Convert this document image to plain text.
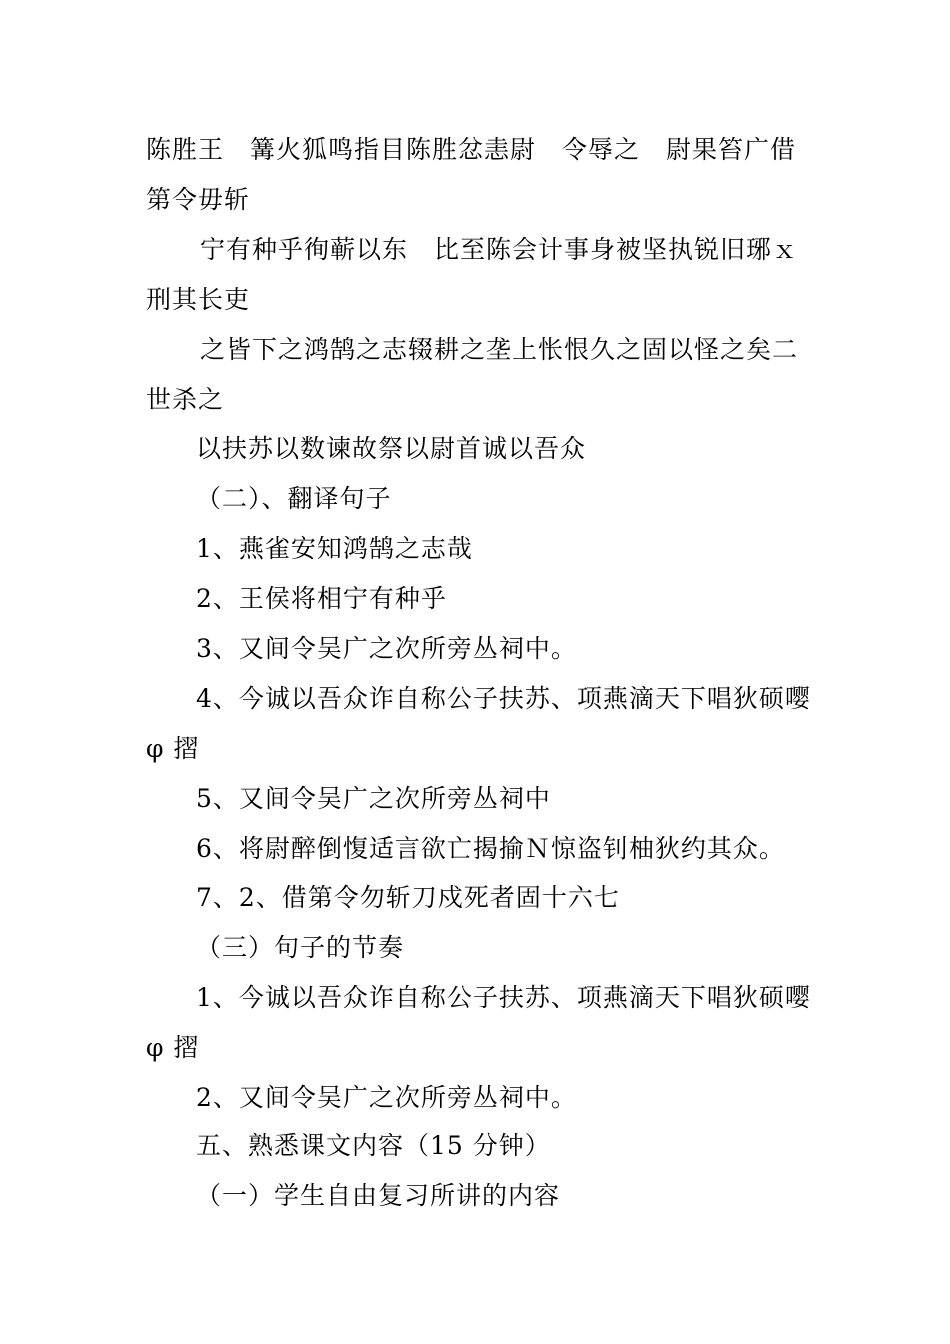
陈胜王　篝火狐鸣指目陈胜忿恚尉　令辱之　尉果笞广借
第令毋斩
宁有种乎徇蕲以东　比至陈会计事身被坚执锐旧琊ｘ
刑其长吏
之皆下之鸿鹄之志辍耕之垄上怅恨久之固以怪之矣二
世杀之
以扶苏以数谏故祭以尉首诚以吾众
（二）、翻译句子
1、燕雀安知鸿鹄之志哉
2、王侯将相宁有种乎
3、又间令吴广之次所旁丛祠中。
4、今诚以吾众诈自称公子扶苏、项燕滴天下唱狄硕嘤
φ 摺
5、又间令吴广之次所旁丛祠中
6、将尉醉倒愎适言欲亡揭揄Ｎ惊盗钊柚狄约其众。
7、2、借第令勿斩刀戍死者固十六七
（三）句子的节奏
1、今诚以吾众诈自称公子扶苏、项燕滴天下唱狄硕嘤
φ 摺
2、又间令吴广之次所旁丛祠中。
五、熟悉课文内容（15 分钟）
（一）学生自由复习所讲的内容
